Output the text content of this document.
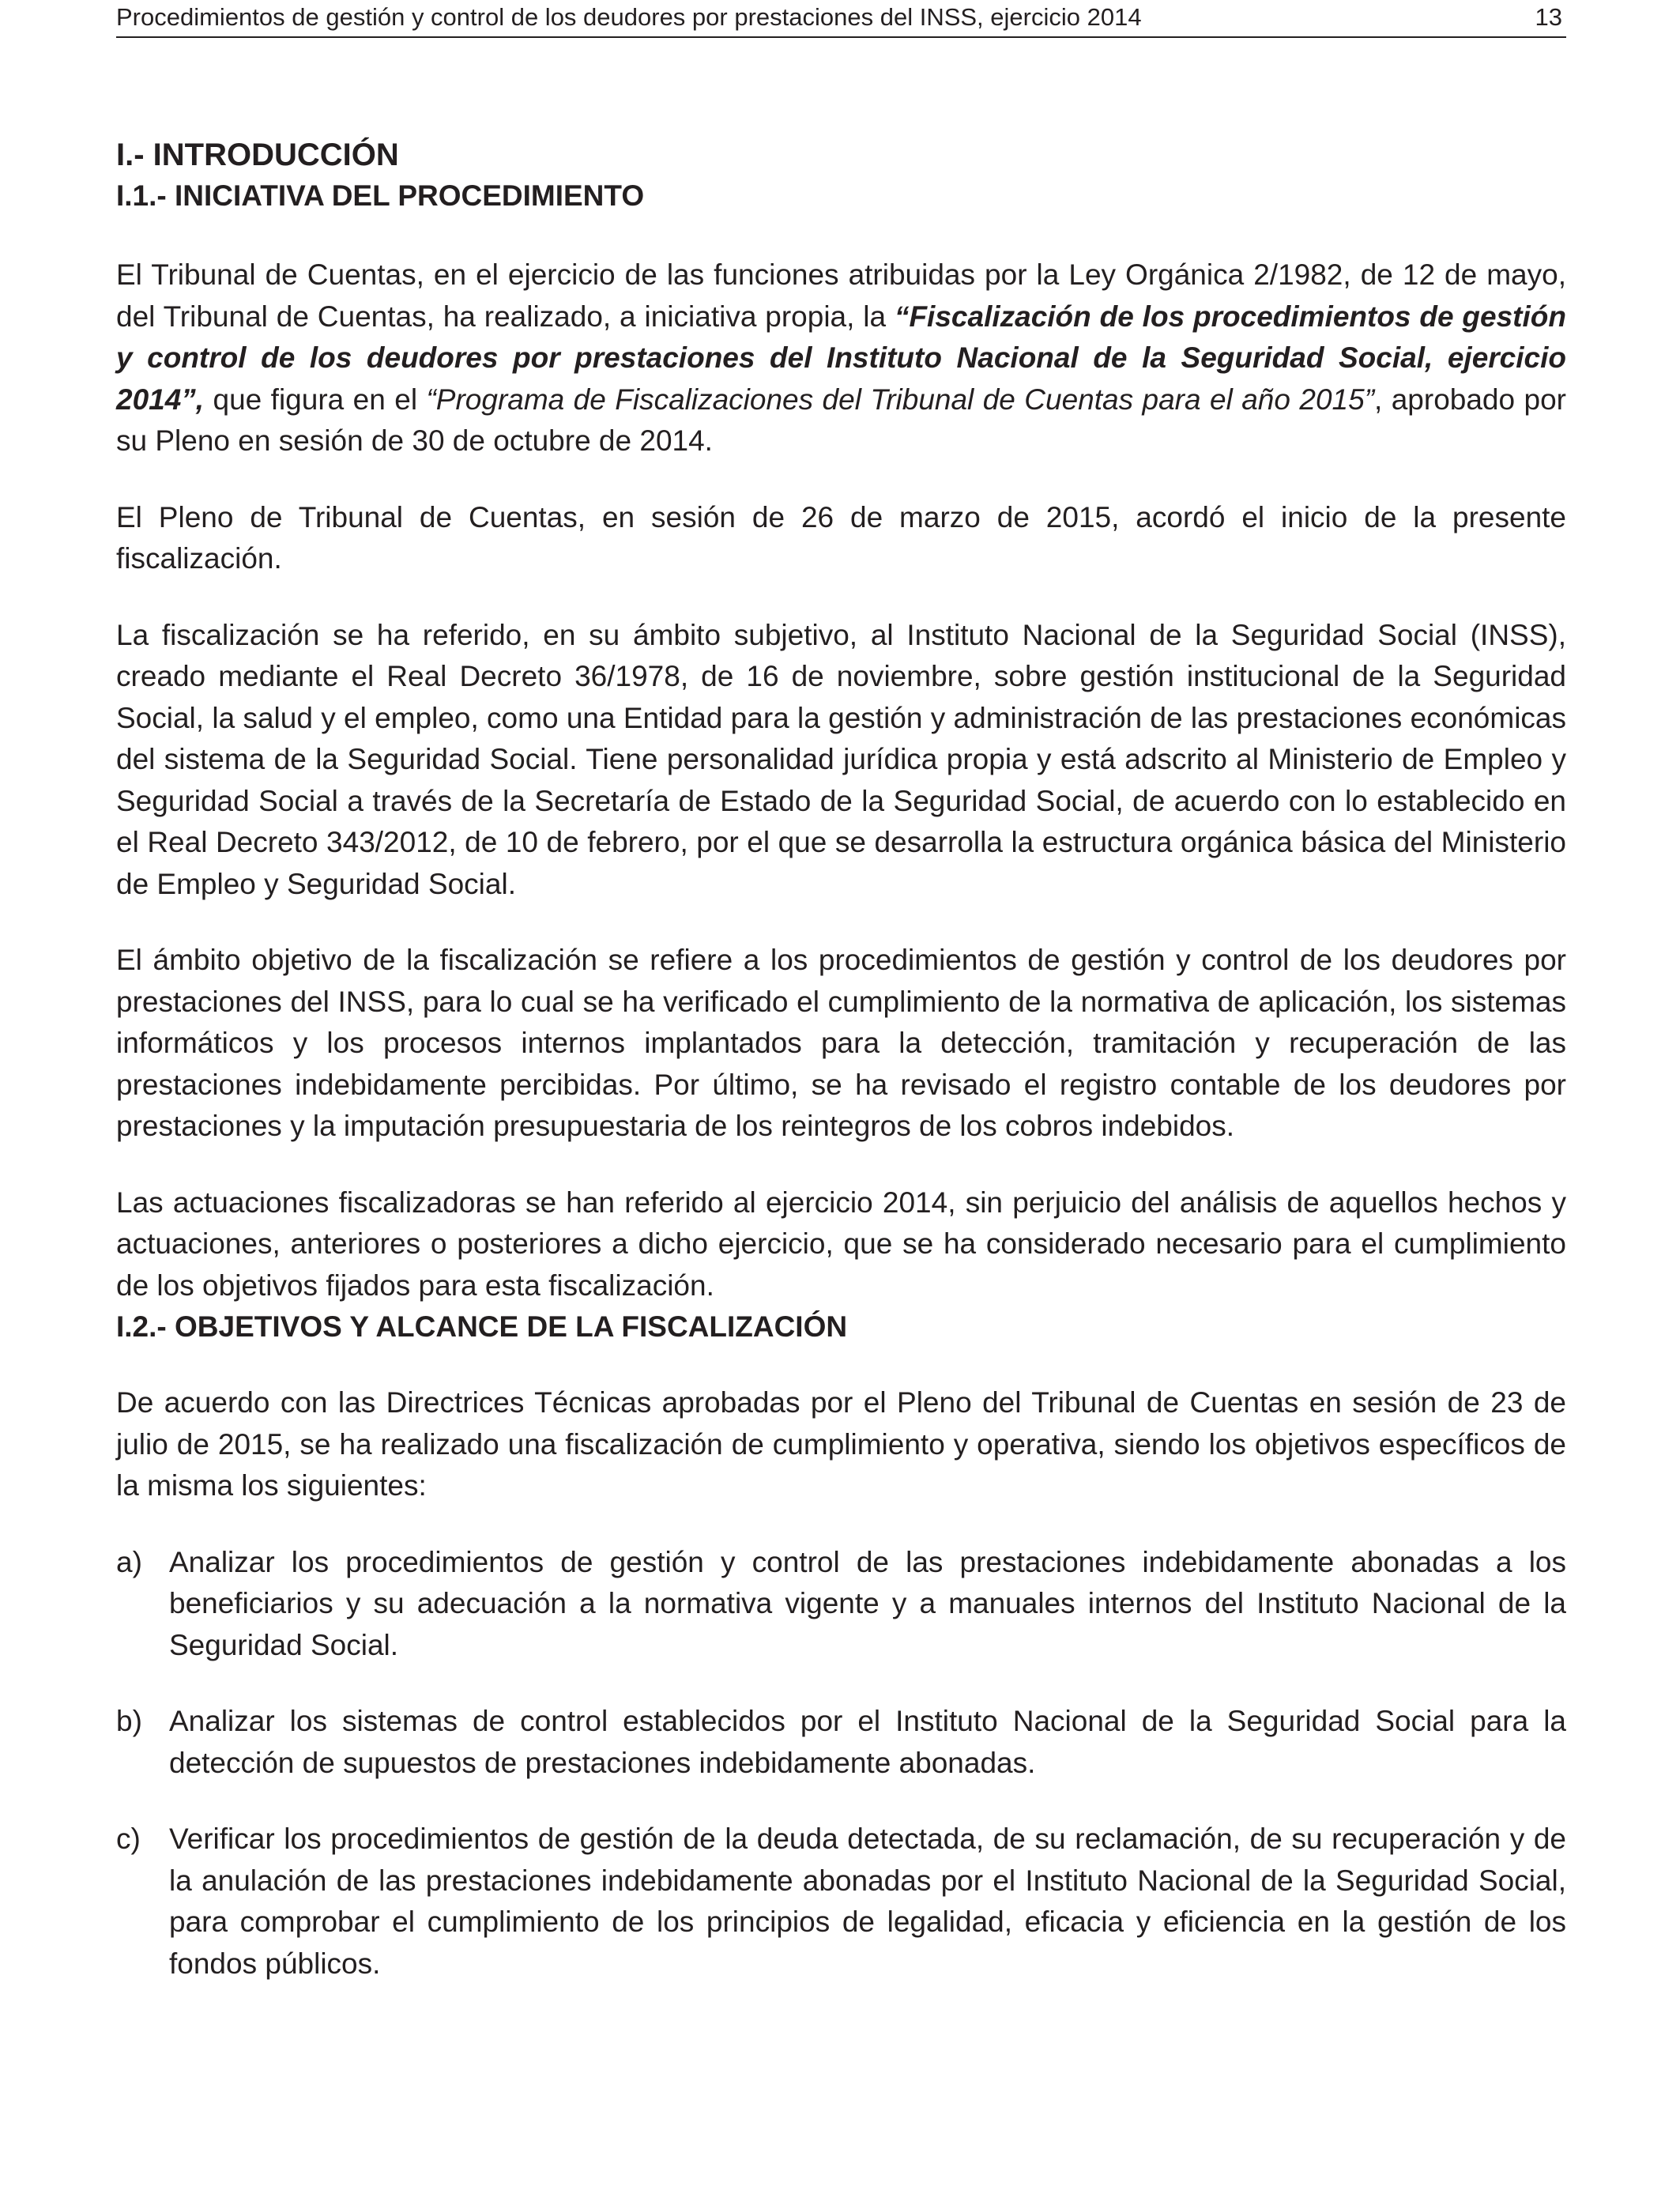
Procedimientos de gestión y control de los deudores por prestaciones del INSS, ejercicio 2014	13
I.- INTRODUCCIÓN
I.1.- INICIATIVA DEL PROCEDIMIENTO

El Tribunal de Cuentas, en el ejercicio de las funciones atribuidas por la Ley Orgánica 2/1982, de 12 de mayo, del Tribunal de Cuentas, ha realizado, a iniciativa propia, la “Fiscalización de los procedimientos de gestión y control de los deudores por prestaciones del Instituto Nacional de la Seguridad Social, ejercicio 2014”, que figura en el “Programa de Fiscalizaciones del Tribunal de Cuentas para el año 2015”, aprobado por su Pleno en sesión de 30 de octubre de 2014.

El Pleno de Tribunal de Cuentas, en sesión de 26 de marzo de 2015, acordó el inicio de la presente fiscalización.

La fiscalización se ha referido, en su ámbito subjetivo, al Instituto Nacional de la Seguridad Social (INSS), creado mediante el Real Decreto 36/1978, de 16 de noviembre, sobre gestión institucional de la Seguridad Social, la salud y el empleo, como una Entidad para la gestión y administración de las prestaciones económicas del sistema de la Seguridad Social. Tiene personalidad jurídica propia y está adscrito al Ministerio de Empleo y Seguridad Social a través de la Secretaría de Estado de la Seguridad Social, de acuerdo con lo establecido en el Real Decreto 343/2012, de 10 de febrero, por el que se desarrolla la estructura orgánica básica del Ministerio de Empleo y Seguridad Social.

El ámbito objetivo de la fiscalización se refiere a los procedimientos de gestión y control de los deudores por prestaciones del INSS, para lo cual se ha verificado el cumplimiento de la normativa de aplicación, los sistemas informáticos y los procesos internos implantados para la detección, tramitación y recuperación de las prestaciones indebidamente percibidas. Por último, se ha revisado el registro contable de los deudores por prestaciones y la imputación presupuestaria de los reintegros de los cobros indebidos.

Las actuaciones fiscalizadoras se han referido al ejercicio 2014, sin perjuicio del análisis de aquellos hechos y actuaciones, anteriores o posteriores a dicho ejercicio, que se ha considerado necesario para el cumplimiento de los objetivos fijados para esta fiscalización.

I.2.- OBJETIVOS Y ALCANCE DE LA FISCALIZACIÓN

De acuerdo con las Directrices Técnicas aprobadas por el Pleno del Tribunal de Cuentas en sesión de 23 de julio de 2015, se ha realizado una fiscalización de cumplimiento y operativa, siendo los objetivos específicos de la misma los siguientes:

a) Analizar los procedimientos de gestión y control de las prestaciones indebidamente abonadas a los beneficiarios y su adecuación a la normativa vigente y a manuales internos del Instituto Nacional de la Seguridad Social.
b) Analizar los sistemas de control establecidos por el Instituto Nacional de la Seguridad Social para la detección de supuestos de prestaciones indebidamente abonadas.
c) Verificar los procedimientos de gestión de la deuda detectada, de su reclamación, de su recuperación y de la anulación de las prestaciones indebidamente abonadas por el Instituto Nacional de la Seguridad Social, para comprobar el cumplimiento de los principios de legalidad, eficacia y eficiencia en la gestión de los fondos públicos.
